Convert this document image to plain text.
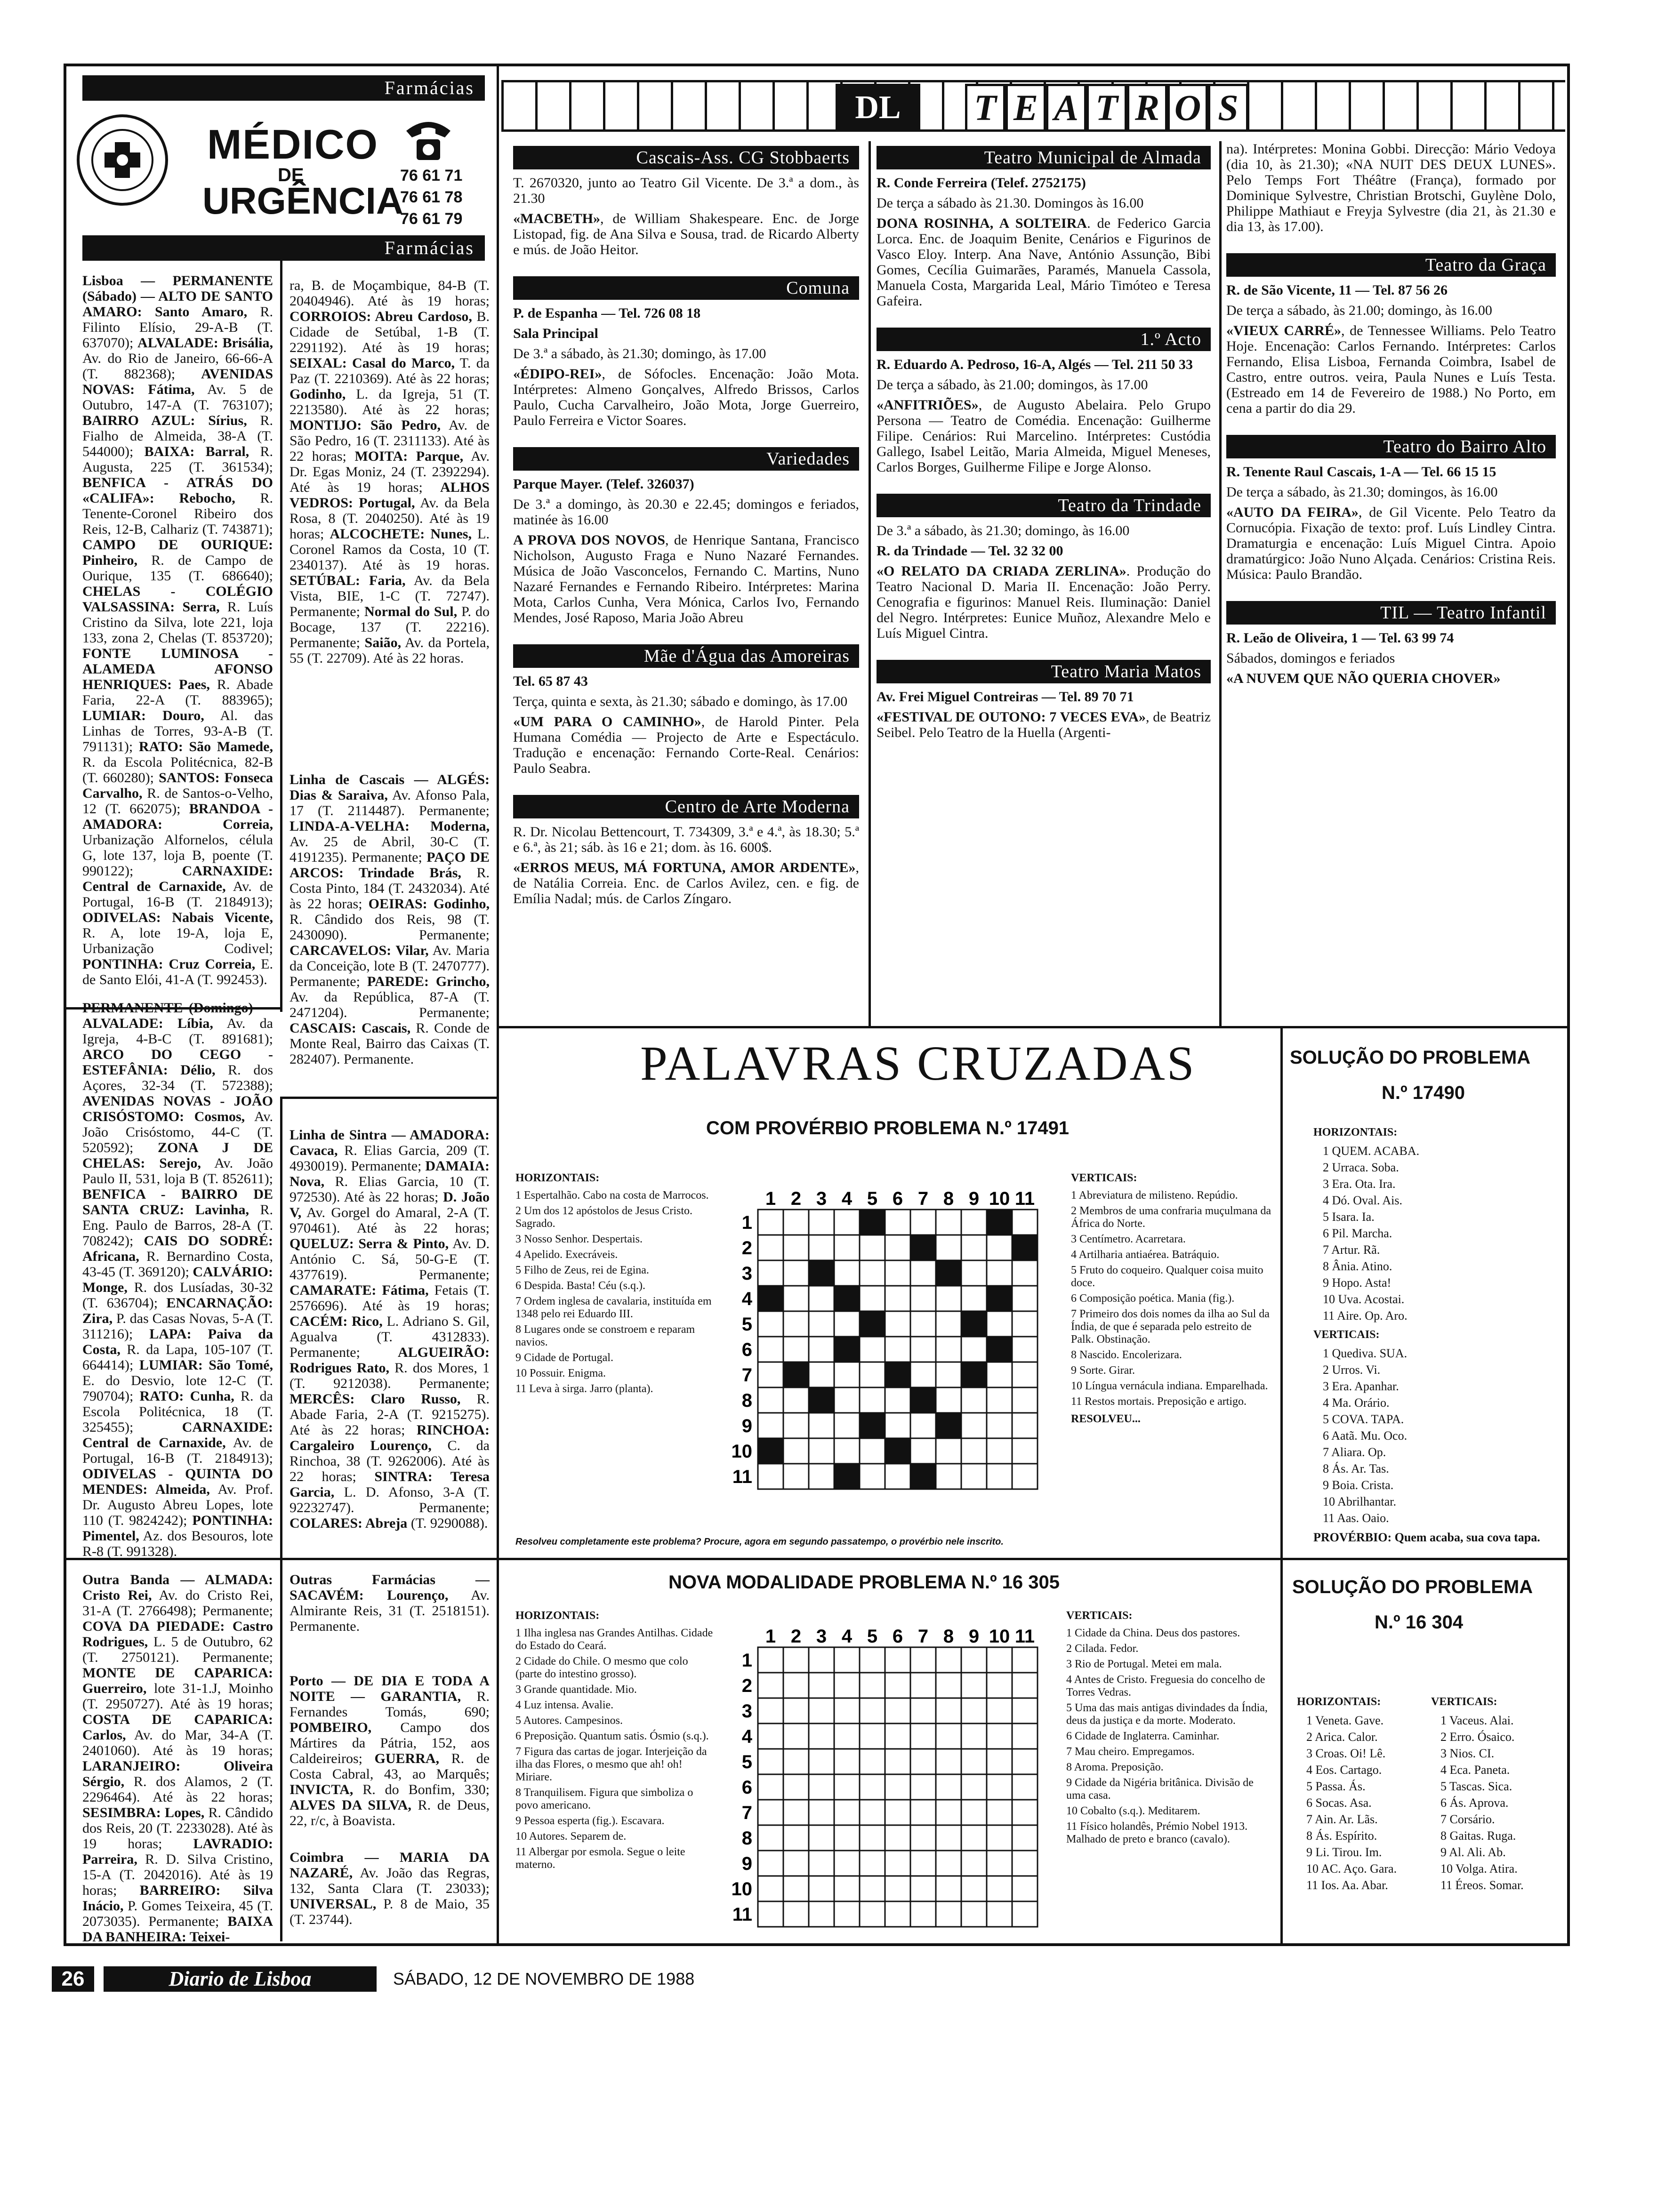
Farmácias
MÉDICO
DE
URGÊNCIA
76 61 71
76 61 78
76 61 79
Farmácias

Lisboa — PERMANENTE (Sábado) — ALTO DE SANTO AMARO: Santo Amaro, R. Filinto Elísio, 29-A-B (T. 637070); ALVALADE: Brisália, Av. do Rio de Janeiro, 66-66-A (T. 882368); AVENIDAS NOVAS: Fátima, Av. 5 de Outubro, 147-A (T. 763107); BAIRRO AZUL: Sírius, R. Fialho de Almeida, 38-A (T. 544000); BAIXA: Barral, R. Augusta, 225 (T. 361534); BENFICA - ATRÁS DO «CALIFA»: Rebocho, R. Tenente-Coronel Ribeiro dos Reis, 12-B, Calhariz (T. 743871); CAMPO DE OURIQUE: Pinheiro, R. de Campo de Ourique, 135 (T. 686640); CHELAS - COLÉGIO VALSASSINA: Serra, R. Luís Cristino da Silva, lote 221, loja 133, zona 2, Chelas (T. 853720); FONTE LUMINOSA - ALAMEDA AFONSO HENRIQUES: Paes, R. Abade Faria, 22-A (T. 883965); LUMIAR: Douro, Al. das Linhas de Torres, 93-A-B (T. 791131); RATO: São Mamede, R. da Escola Politécnica, 82-B (T. 660280); SANTOS: Fonseca Carvalho, R. de Santos-o-Velho, 12 (T. 662075); BRANDOA - AMADORA: Correia, Urbanização Alfornelos, célula G, lote 137, loja B, poente (T. 990122); CARNAXIDE: Central de Carnaxide, Av. de Portugal, 16-B (T. 2184913); ODIVELAS: Nabais Vicente, R. A, lote 19-A, loja E, Urbanização Codivel; PONTINHA: Cruz Correia, E. de Santo Elói, 41-A (T. 992453).

ra, B. de Moçambique, 84-B (T. 20404946). Até às 19 horas; CORROIOS: Abreu Cardoso, B. Cidade de Setúbal, 1-B (T. 2291192). Até às 19 horas; SEIXAL: Casal do Marco, T. da Paz (T. 2210369). Até às 22 horas; Godinho, L. da Igreja, 51 (T. 2213580). Até às 22 horas; MONTIJO: São Pedro, Av. de São Pedro, 16 (T. 2311133). Até às 22 horas; MOITA: Parque, Av. Dr. Egas Moniz, 24 (T. 2392294). Até às 19 horas; ALHOS VEDROS: Portugal, Av. da Bela Rosa, 8 (T. 2040250). Até às 19 horas; ALCOCHETE: Nunes, L. Coronel Ramos da Costa, 10 (T. 2340137). Até às 19 horas. SETÚBAL: Faria, Av. da Bela Vista, BIE, 1-C (T. 72747). Permanente; Normal do Sul, P. do Bocage, 137 (T. 22216). Permanente; Saião, Av. da Portela, 55 (T. 22709). Até às 22 horas.

Linha de Cascais — ALGÉS: Dias & Saraiva, Av. Afonso Pala, 17 (T. 2114487). Permanente; LINDA-A-VELHA: Moderna, Av. 25 de Abril, 30-C (T. 4191235). Permanente; PAÇO DE ARCOS: Trindade Brás, R. Costa Pinto, 184 (T. 2432034). Até às 22 horas; OEIRAS: Godinho, R. Cândido dos Reis, 98 (T. 2430090). Permanente; CARCAVELOS: Vilar, Av. Maria da Conceição, lote B (T. 2470777). Permanente; PAREDE: Grincho, Av. da República, 87-A (T. 2471204). Permanente; CASCAIS: Cascais, R. Conde de Monte Real, Bairro das Caixas (T. 282407). Permanente.

PERMANENTE (Domingo) — ALVALADE: Líbia, Av. da Igreja, 4-B-C (T. 891681); ARCO DO CEGO - ESTEFÂNIA: Délio, R. dos Açores, 32-34 (T. 572388); AVENIDAS NOVAS - JOÃO CRISÓSTOMO: Cosmos, Av. João Crisóstomo, 44-C (T. 520592); ZONA J DE CHELAS: Serejo, Av. João Paulo II, 531, loja B (T. 852611); BENFICA - BAIRRO DE SANTA CRUZ: Lavinha, R. Eng. Paulo de Barros, 28-A (T. 708242); CAIS DO SODRÉ: Africana, R. Bernardino Costa, 43-45 (T. 369120); CALVÁRIO: Monge, R. dos Lusíadas, 30-32 (T. 636704); ENCARNAÇÃO: Zira, P. das Casas Novas, 5-A (T. 311216); LAPA: Paiva da Costa, R. da Lapa, 105-107 (T. 664414); LUMIAR: São Tomé, E. do Desvio, lote 12-C (T. 790704); RATO: Cunha, R. da Escola Politécnica, 18 (T. 325455); CARNAXIDE: Central de Carnaxide, Av. de Portugal, 16-B (T. 2184913); ODIVELAS - QUINTA DO MENDES: Almeida, Av. Prof. Dr. Augusto Abreu Lopes, lote 110 (T. 9824242); PONTINHA: Pimentel, Az. dos Besouros, lote R-8 (T. 991328).

Linha de Sintra — AMADORA: Cavaca, R. Elias Garcia, 209 (T. 4930019). Permanente; DAMAIA: Nova, R. Elias Garcia, 10 (T. 972530). Até às 22 horas; D. João V, Av. Gorgel do Amaral, 2-A (T. 970461). Até às 22 horas; QUELUZ: Serra & Pinto, Av. D. António C. Sá, 50-G-E (T. 4377619). Permanente; CAMARATE: Fátima, Fetais (T. 2576696). Até às 19 horas; CACÉM: Rico, L. Adriano S. Gil, Agualva (T. 4312833). Permanente; ALGUEIRÃO: Rodrigues Rato, R. dos Mores, 1 (T. 9212038). Permanente; MERCÊS: Claro Russo, R. Abade Faria, 2-A (T. 9215275). Até às 22 horas; RINCHOA: Cargaleiro Lourenço, C. da Rinchoa, 38 (T. 9262006). Até às 22 horas; SINTRA: Teresa Garcia, L. D. Afonso, 3-A (T. 92232747). Permanente; COLARES: Abreja (T. 9290088).

Outra Banda — ALMADA: Cristo Rei, Av. do Cristo Rei, 31-A (T. 2766498); Permanente; COVA DA PIEDADE: Castro Rodrigues, L. 5 de Outubro, 62 (T. 2750121). Permanente; MONTE DE CAPARICA: Guerreiro, lote 31-1.J, Moinho (T. 2950727). Até às 19 horas; COSTA DE CAPARICA: Carlos, Av. do Mar, 34-A (T. 2401060). Até às 19 horas; LARANJEIRO: Oliveira Sérgio, R. dos Alamos, 2 (T. 2296464). Até às 22 horas; SESIMBRA: Lopes, R. Cândido dos Reis, 20 (T. 2233028). Até às 19 horas; LAVRADIO: Parreira, R. D. Silva Cristino, 15-A (T. 2042016). Até às 19 horas; BARREIRO: Silva Inácio, P. Gomes Teixeira, 45 (T. 2073035). Permanente; BAIXA DA BANHEIRA: Teixei-

Outras Farmácias — SACAVÉM: Lourenço, Av. Almirante Reis, 31 (T. 2518151). Permanente.

Porto — DE DIA E TODA A NOITE — GARANTIA, R. Fernandes Tomás, 690; POMBEIRO, Campo dos Mártires da Pátria, 152, aos Caldeireiros; GUERRA, R. de Costa Cabral, 43, ao Marquês; INVICTA, R. do Bonfim, 330; ALVES DA SILVA, R. de Deus, 22, r/c, à Boavista.

Coimbra — MARIA DA NAZARÉ, Av. João das Regras, 132, Santa Clara (T. 23033); UNIVERSAL, P. 8 de Maio, 35 (T. 23744).

DL	T E A T R O S
Cascais-Ass. CG Stobbaerts

T. 2670320, junto ao Teatro Gil Vicente. De 3.ª a dom., às 21.30

«MACBETH», de William Shakespeare. Enc. de Jorge Listopad, fig. de Ana Silva e Sousa, trad. de Ricardo Alberty e mús. de João Heitor.

Comuna

P. de Espanha — Tel. 726 08 18

Sala Principal

De 3.ª a sábado, às 21.30; domingo, às 17.00

«ÉDIPO-REI», de Sófocles. Encenação: João Mota. Intérpretes: Almeno Gonçalves, Alfredo Brissos, Carlos Paulo, Cucha Carvalheiro, João Mota, Jorge Guerreiro, Paulo Ferreira e Victor Soares.

Variedades

Parque Mayer. (Telef. 326037)

De 3.ª a domingo, às 20.30 e 22.45; domingos e feriados, matinée às 16.00

A PROVA DOS NOVOS, de Henrique Santana, Francisco Nicholson, Augusto Fraga e Nuno Nazaré Fernandes. Música de João Vasconcelos, Fernando C. Martins, Nuno Nazaré Fernandes e Fernando Ribeiro. Intérpretes: Marina Mota, Carlos Cunha, Vera Mónica, Carlos Ivo, Fernando Mendes, José Raposo, Maria João Abreu

Mãe d'Água das Amoreiras

Tel. 65 87 43

Terça, quinta e sexta, às 21.30; sábado e domingo, às 17.00

«UM PARA O CAMINHO», de Harold Pinter. Pela Humana Comédia — Projecto de Arte e Espectáculo. Tradução e encenação: Fernando Corte-Real. Cenários: Paulo Seabra.

Centro de Arte Moderna

R. Dr. Nicolau Bettencourt, T. 734309, 3.ª e 4.ª, às 18.30; 5.ª e 6.ª, às 21; sáb. às 16 e 21; dom. às 16. 600$.

«ERROS MEUS, MÁ FORTUNA, AMOR ARDENTE», de Natália Correia. Enc. de Carlos Avilez, cen. e fig. de Emília Nadal; mús. de Carlos Zíngaro.

Teatro Municipal de Almada

R. Conde Ferreira (Telef. 2752175)

De terça a sábado às 21.30. Domingos às 16.00

DONA ROSINHA, A SOLTEIRA. de Federico Garcia Lorca. Enc. de Joaquim Benite, Cenários e Figurinos de Vasco Eloy. Interp. Ana Nave, António Assunção, Bibi Gomes, Cecília Guimarães, Paramés, Manuela Cassola, Manuela Costa, Margarida Leal, Mário Timóteo e Teresa Gafeira.

1.º Acto

R. Eduardo A. Pedroso, 16-A, Algés — Tel. 211 50 33

De terça a sábado, às 21.00; domingos, às 17.00

«ANFITRIÕES», de Augusto Abelaira. Pelo Grupo Persona — Teatro de Comédia. Encenação: Guilherme Filipe. Cenários: Rui Marcelino. Intérpretes: Custódia Gallego, Isabel Leitão, Maria Almeida, Miguel Meneses, Carlos Borges, Guilherme Filipe e Jorge Alonso.

Teatro da Trindade

De 3.ª a sábado, às 21.30; domingo, às 16.00

R. da Trindade — Tel. 32 32 00

«O RELATO DA CRIADA ZERLINA». Produção do Teatro Nacional D. Maria II. Encenação: João Perry. Cenografia e figurinos: Manuel Reis. Iluminação: Daniel del Negro. Intérpretes: Eunice Muñoz, Alexandre Melo e Luís Miguel Cintra.

Teatro Maria Matos

Av. Frei Miguel Contreiras — Tel. 89 70 71

«FESTIVAL DE OUTONO: 7 VECES EVA», de Beatriz Seibel. Pelo Teatro de la Huella (Argenti-

na). Intérpretes: Monina Gobbi. Direcção: Mário Vedoya (dia 10, às 21.30); «NA NUIT DES DEUX LUNES». Pelo Temps Fort Théâtre (França), formado por Dominique Sylvestre, Christian Brotschi, Guylène Dolo, Philippe Mathiaut e Freyja Sylvestre (dia 21, às 21.30 e dia 13, às 17.00).

Teatro da Graça

R. de São Vicente, 11 — Tel. 87 56 26

De terça a sábado, às 21.00; domingo, às 16.00

«VIEUX CARRÉ», de Tennessee Williams. Pelo Teatro Hoje. Encenação: Carlos Fernando. Intérpretes: Carlos Fernando, Elisa Lisboa, Fernanda Coimbra, Isabel de Castro, entre outros. veira, Paula Nunes e Luís Testa. (Estreado em 14 de Fevereiro de 1988.) No Porto, em cena a partir do dia 29.

Teatro do Bairro Alto

R. Tenente Raul Cascais, 1-A — Tel. 66 15 15

De terça a sábado, às 21.30; domingos, às 16.00

«AUTO DA FEIRA», de Gil Vicente. Pelo Teatro da Cornucópia. Fixação de texto: prof. Luís Lindley Cintra. Dramaturgia e encenação: Luís Miguel Cintra. Apoio dramatúrgico: João Nuno Alçada. Cenários: Cristina Reis. Música: Paulo Brandão.

TIL — Teatro Infantil

R. Leão de Oliveira, 1 — Tel. 63 99 74

Sábados, domingos e feriados

«A NUVEM QUE NÃO QUERIA CHOVER»

PALAVRAS CRUZADAS
COM PROVÉRBIO PROBLEMA N.º 17491
HORIZONTAIS:
1 Espertalhão. Cabo na costa de Marrocos.
2 Um dos 12 apóstolos de Jesus Cristo. Sagrado.
3 Nosso Senhor. Despertais.
4 Apelido. Execráveis.
5 Filho de Zeus, rei de Egina.
6 Despida. Basta! Céu (s.q.).
7 Ordem inglesa de cavalaria, instituída em 1348 pelo rei Eduardo III.
8 Lugares onde se constroem e reparam navios.
9 Cidade de Portugal.
10 Possuir. Enigma.
11 Leva à sirga. Jarro (planta).
1 2 3 4 5 6 7 8 9 10 11
1
2
3
4
5
6
7
8
9
10
11
VERTICAIS:
1 Abreviatura de milisteno. Repúdio.
2 Membros de uma confraria muçulmana da África do Norte.
3 Centímetro. Acarretara.
4 Artilharia antiaérea. Batráquio.
5 Fruto do coqueiro. Qualquer coisa muito doce.
6 Composição poética. Mania (fig.).
7 Primeiro dos dois nomes da ilha ao Sul da Índia, de que é separada pelo estreito de Palk. Obstinação.
8 Nascido. Encolerizara.
9 Sorte. Girar.
10 Língua vernácula indiana. Emparelhada.
11 Restos mortais. Preposição e artigo.
RESOLVEU...
Resolveu completamente este problema? Procure, agora em segundo passatempo, o provérbio nele inscrito.
SOLUÇÃO DO PROBLEMA
N.º 17490
HORIZONTAIS:
1 QUEM. ACABA.
2 Urraca. Soba.
3 Era. Ota. Ira.
4 Dó. Oval. Ais.
5 Isara. Ia.
6 Pil. Marcha.
7 Artur. Rã.
8 Ânia. Atino.
9 Hopo. Asta!
10 Uva. Acostai.
11 Aire. Op. Aro.
VERTICAIS:
1 Quediva. SUA.
2 Urros. Vi.
3 Era. Apanhar.
4 Ma. Orário.
5 COVA. TAPA.
6 Aatã. Mu. Oco.
7 Aliara. Op.
8 Ás. Ar. Tas.
9 Boia. Crista.
10 Abrilhantar.
11 Aas. Oaio.
PROVÉRBIO: Quem acaba, sua cova tapa.
NOVA MODALIDADE PROBLEMA N.º 16 305
HORIZONTAIS:
1 Ilha inglesa nas Grandes Antilhas. Cidade do Estado do Ceará.
2 Cidade do Chile. O mesmo que colo (parte do intestino grosso).
3 Grande quantidade. Mio.
4 Luz intensa. Avalie.
5 Autores. Campesinos.
6 Preposição. Quantum satis. Ósmio (s.q.).
7 Figura das cartas de jogar. Interjeição da ilha das Flores, o mesmo que ah! oh! Miriare.
8 Tranquilisem. Figura que simboliza o povo americano.
9 Pessoa esperta (fig.). Escavara.
10 Autores. Separem de.
11 Albergar por esmola. Segue o leite materno.
1 2 3 4 5 6 7 8 9 10 11
1
2
3
4
5
6
7
8
9
10
11
VERTICAIS:
1 Cidade da China. Deus dos pastores.
2 Cilada. Fedor.
3 Rio de Portugal. Metei em mala.
4 Antes de Cristo. Freguesia do concelho de Torres Vedras.
5 Uma das mais antigas divindades da Índia, deus da justiça e da morte. Moderato.
6 Cidade de Inglaterra. Caminhar.
7 Mau cheiro. Empregamos.
8 Aroma. Preposição.
9 Cidade da Nigéria britânica. Divisão de uma casa.
10 Cobalto (s.q.). Meditarem.
11 Físico holandês, Prémio Nobel 1913. Malhado de preto e branco (cavalo).
SOLUÇÃO DO PROBLEMA
N.º 16 304
HORIZONTAIS:
1 Veneta. Gave.
2 Arica. Calor.
3 Croas. Oi! Lê.
4 Eos. Cartago.
5 Passa. Ás.
6 Socas. Asa.
7 Ain. Ar. Lãs.
8 Ás. Espírito.
9 Li. Tirou. Im.
10 AC. Aço. Gara.
11 Ios. Aa. Abar.
VERTICAIS:
1 Vaceus. Alai.
2 Erro. Ósaico.
3 Nios. CI.
4 Eca. Paneta.
5 Tascas. Sica.
6 Ás. Aprova.
7 Corsário.
8 Gaitas. Ruga.
9 Al. Ali. Ab.
10 Volga. Atira.
11 Éreos. Somar.
26	Diario de Lisboa	SÁBADO, 12 DE NOVEMBRO DE 1988
